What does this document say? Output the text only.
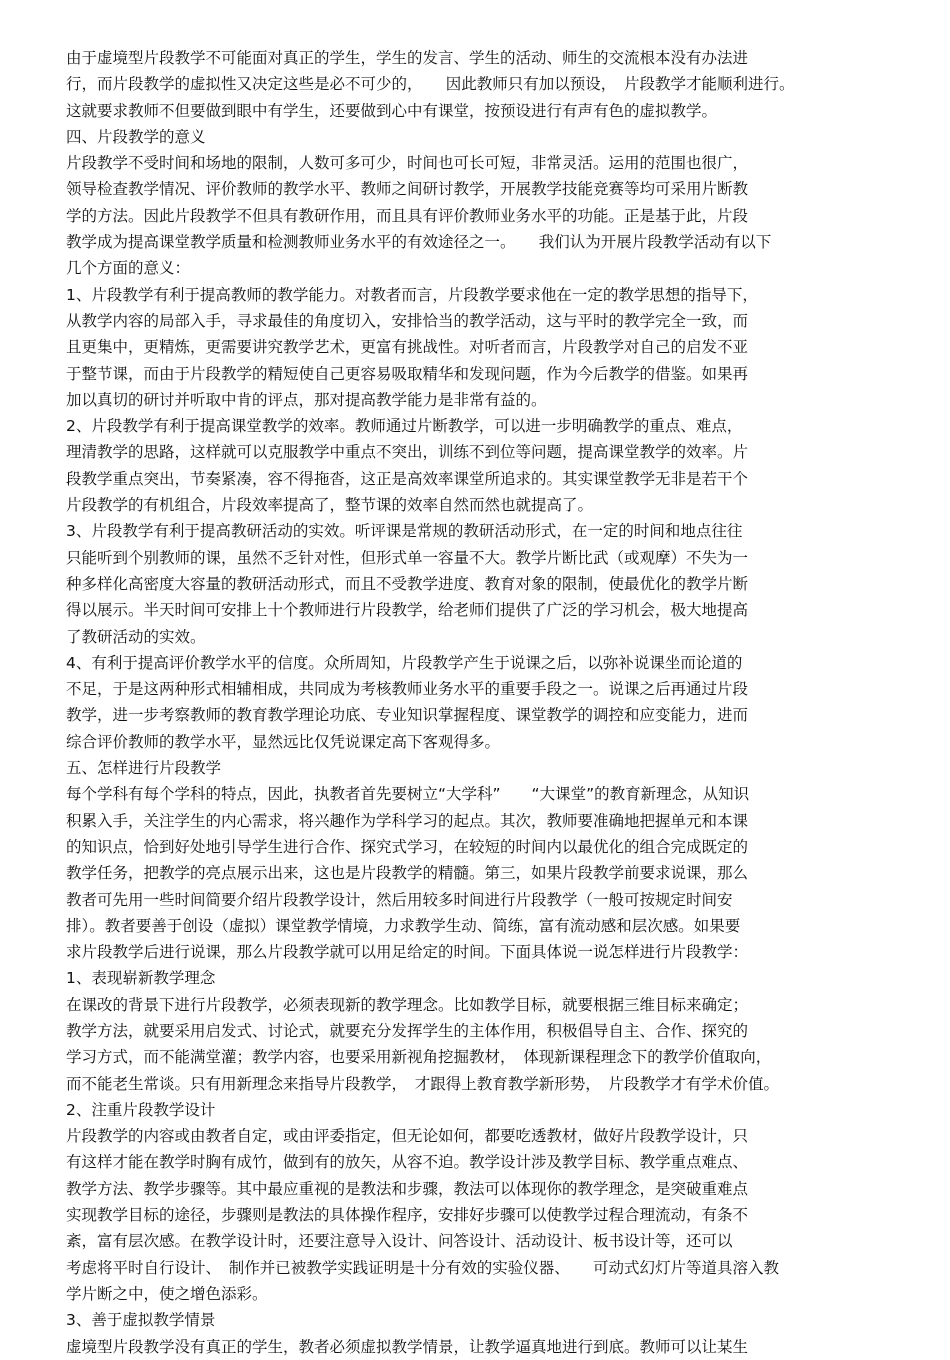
由于虚境型片段教学不可能面对真正的学生，学生的发言、学生的活动、师生的交流根本没有办法进
行，而片段教学的虚拟性又决定这些是必不可少的，　　因此教师只有加以预设，　片段教学才能顺利进行。
这就要求教师不但要做到眼中有学生，还要做到心中有课堂，按预设进行有声有色的虚拟教学。
四、片段教学的意义
片段教学不受时间和场地的限制，人数可多可少，时间也可长可短，非常灵活。运用的范围也很广，
领导检查教学情况、评价教师的教学水平、教师之间研讨教学，开展教学技能竞赛等均可采用片断教
学的方法。因此片段教学不但具有教研作用，而且具有评价教师业务水平的功能。正是基于此，片段
教学成为提高课堂教学质量和检测教师业务水平的有效途径之一。　　我们认为开展片段教学活动有以下
几个方面的意义：
1、片段教学有利于提高教师的教学能力。对教者而言，片段教学要求他在一定的教学思想的指导下，
从教学内容的局部入手，寻求最佳的角度切入，安排恰当的教学活动，这与平时的教学完全一致，而
且更集中，更精炼，更需要讲究教学艺术，更富有挑战性。对听者而言，片段教学对自己的启发不亚
于整节课，而由于片段教学的精短使自己更容易吸取精华和发现问题，作为今后教学的借鉴。如果再
加以真切的研讨并听取中肯的评点，那对提高教学能力是非常有益的。
2、片段教学有利于提高课堂教学的效率。教师通过片断教学，可以进一步明确教学的重点、难点，
理清教学的思路，这样就可以克服教学中重点不突出，训练不到位等问题，提高课堂教学的效率。片
段教学重点突出，节奏紧凑，容不得拖沓，这正是高效率课堂所追求的。其实课堂教学无非是若干个
片段教学的有机组合，片段效率提高了，整节课的效率自然而然也就提高了。
3、片段教学有利于提高教研活动的实效。听评课是常规的教研活动形式，在一定的时间和地点往往
只能听到个别教师的课，虽然不乏针对性，但形式单一容量不大。教学片断比武（或观摩）不失为一
种多样化高密度大容量的教研活动形式，而且不受教学进度、教育对象的限制，使最优化的教学片断
得以展示。半天时间可安排上十个教师进行片段教学，给老师们提供了广泛的学习机会，极大地提高
了教研活动的实效。
4、有利于提高评价教学水平的信度。众所周知，片段教学产生于说课之后，以弥补说课坐而论道的
不足，于是这两种形式相辅相成，共同成为考核教师业务水平的重要手段之一。说课之后再通过片段
教学，进一步考察教师的教育教学理论功底、专业知识掌握程度、课堂教学的调控和应变能力，进而
综合评价教师的教学水平，显然远比仅凭说课定高下客观得多。
五、怎样进行片段教学
每个学科有每个学科的特点，因此，执教者首先要树立“大学科”　　“大课堂”的教育新理念，从知识
积累入手，关注学生的内心需求，将兴趣作为学科学习的起点。其次，教师要准确地把握单元和本课
的知识点，恰到好处地引导学生进行合作、探究式学习，在较短的时间内以最优化的组合完成既定的
教学任务，把教学的亮点展示出来，这也是片段教学的精髓。第三，如果片段教学前要求说课，那么
教者可先用一些时间简要介绍片段教学设计，然后用较多时间进行片段教学（一般可按规定时间安
排）。教者要善于创设（虚拟）课堂教学情境，力求教学生动、简练，富有流动感和层次感。如果要
求片段教学后进行说课，那么片段教学就可以用足给定的时间。下面具体说一说怎样进行片段教学：
1、表现崭新教学理念
在课改的背景下进行片段教学，必须表现新的教学理念。比如教学目标，就要根据三维目标来确定；
教学方法，就要采用启发式、讨论式，就要充分发挥学生的主体作用，积极倡导自主、合作、探究的
学习方式，而不能满堂灌；教学内容，也要采用新视角挖掘教材，　体现新课程理念下的教学价值取向，
而不能老生常谈。只有用新理念来指导片段教学，　才跟得上教育教学新形势，　片段教学才有学术价值。
2、注重片段教学设计
片段教学的内容或由教者自定，或由评委指定，但无论如何，都要吃透教材，做好片段教学设计，只
有这样才能在教学时胸有成竹，做到有的放矢，从容不迫。教学设计涉及教学目标、教学重点难点、
教学方法、教学步骤等。其中最应重视的是教法和步骤，教法可以体现你的教学理念，是突破重难点
实现教学目标的途径，步骤则是教法的具体操作程序，安排好步骤可以使教学过程合理流动，有条不
紊，富有层次感。在教学设计时，还要注意导入设计、问答设计、活动设计、板书设计等，还可以
考虑将平时自行设计、　制作并已被教学实践证明是十分有效的实验仪器、　　可动式幻灯片等道具溶入教
学片断之中，使之增色添彩。
3、善于虚拟教学情景
虚境型片段教学没有真正的学生，教者必须虚拟教学情景，让教学逼真地进行到底。教师可以让某生
